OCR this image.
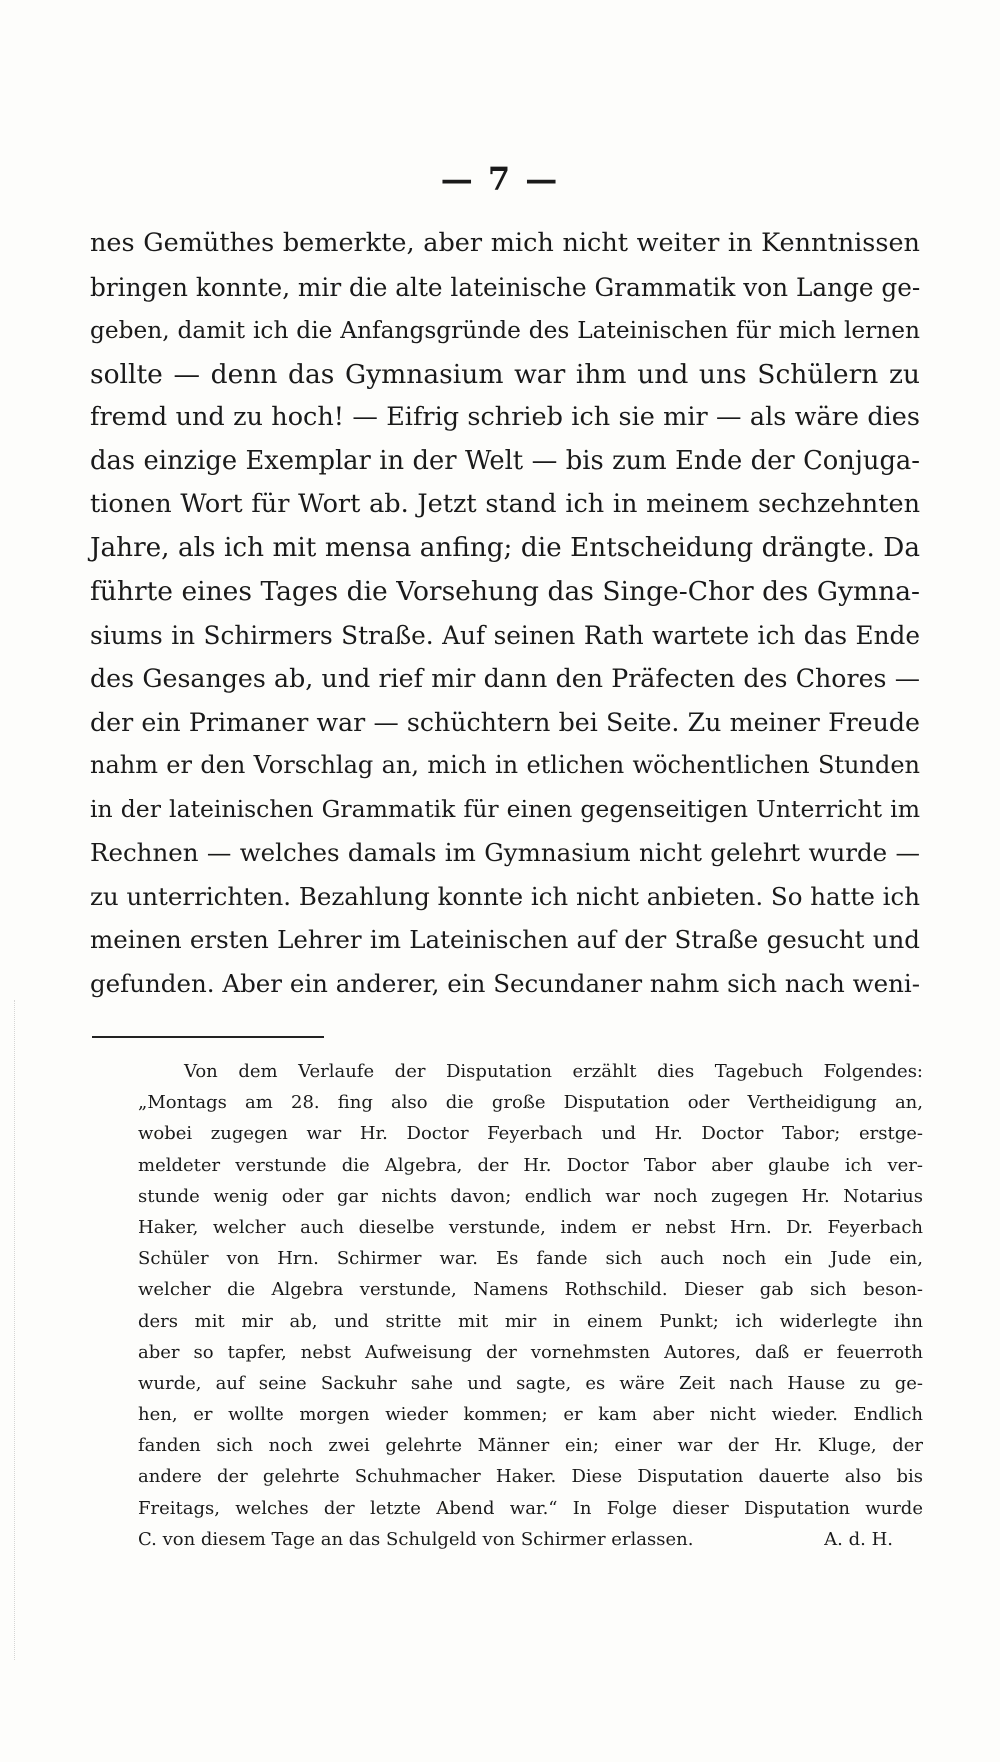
— 7 —
nes Gemüthes bemerkte, aber mich nicht weiter in Kenntnissen
bringen konnte, mir die alte lateinische Grammatik von Lange ge-
geben, damit ich die Anfangsgründe des Lateinischen für mich lernen
sollte — denn das Gymnasium war ihm und uns Schülern zu
fremd und zu hoch! — Eifrig schrieb ich sie mir — als wäre dies
das einzige Exemplar in der Welt — bis zum Ende der Conjuga-
tionen Wort für Wort ab. Jetzt stand ich in meinem sechzehnten
Jahre, als ich mit mensa anfing; die Entscheidung drängte. Da
führte eines Tages die Vorsehung das Singe-Chor des Gymna-
siums in Schirmers Straße. Auf seinen Rath wartete ich das Ende
des Gesanges ab, und rief mir dann den Präfecten des Chores —
der ein Primaner war — schüchtern bei Seite. Zu meiner Freude
nahm er den Vorschlag an, mich in etlichen wöchentlichen Stunden
in der lateinischen Grammatik für einen gegenseitigen Unterricht im
Rechnen — welches damals im Gymnasium nicht gelehrt wurde —
zu unterrichten. Bezahlung konnte ich nicht anbieten. So hatte ich
meinen ersten Lehrer im Lateinischen auf der Straße gesucht und
gefunden. Aber ein anderer, ein Secundaner nahm sich nach weni-
Von dem Verlaufe der Disputation erzählt dies Tagebuch Folgendes:
„Montags am 28. fing also die große Disputation oder Vertheidigung an,
wobei zugegen war Hr. Doctor Feyerbach und Hr. Doctor Tabor; erstge-
meldeter verstunde die Algebra, der Hr. Doctor Tabor aber glaube ich ver-
stunde wenig oder gar nichts davon; endlich war noch zugegen Hr. Notarius
Haker, welcher auch dieselbe verstunde, indem er nebst Hrn. Dr. Feyerbach
Schüler von Hrn. Schirmer war. Es fande sich auch noch ein Jude ein,
welcher die Algebra verstunde, Namens Rothschild. Dieser gab sich beson-
ders mit mir ab, und stritte mit mir in einem Punkt; ich widerlegte ihn
aber so tapfer, nebst Aufweisung der vornehmsten Autores, daß er feuerroth
wurde, auf seine Sackuhr sahe und sagte, es wäre Zeit nach Hause zu ge-
hen, er wollte morgen wieder kommen; er kam aber nicht wieder. Endlich
fanden sich noch zwei gelehrte Männer ein; einer war der Hr. Kluge, der
andere der gelehrte Schuhmacher Haker. Diese Disputation dauerte also bis
Freitags, welches der letzte Abend war.“ In Folge dieser Disputation wurde
C. von diesem Tage an das Schulgeld von Schirmer erlassen.	A. d. H.
